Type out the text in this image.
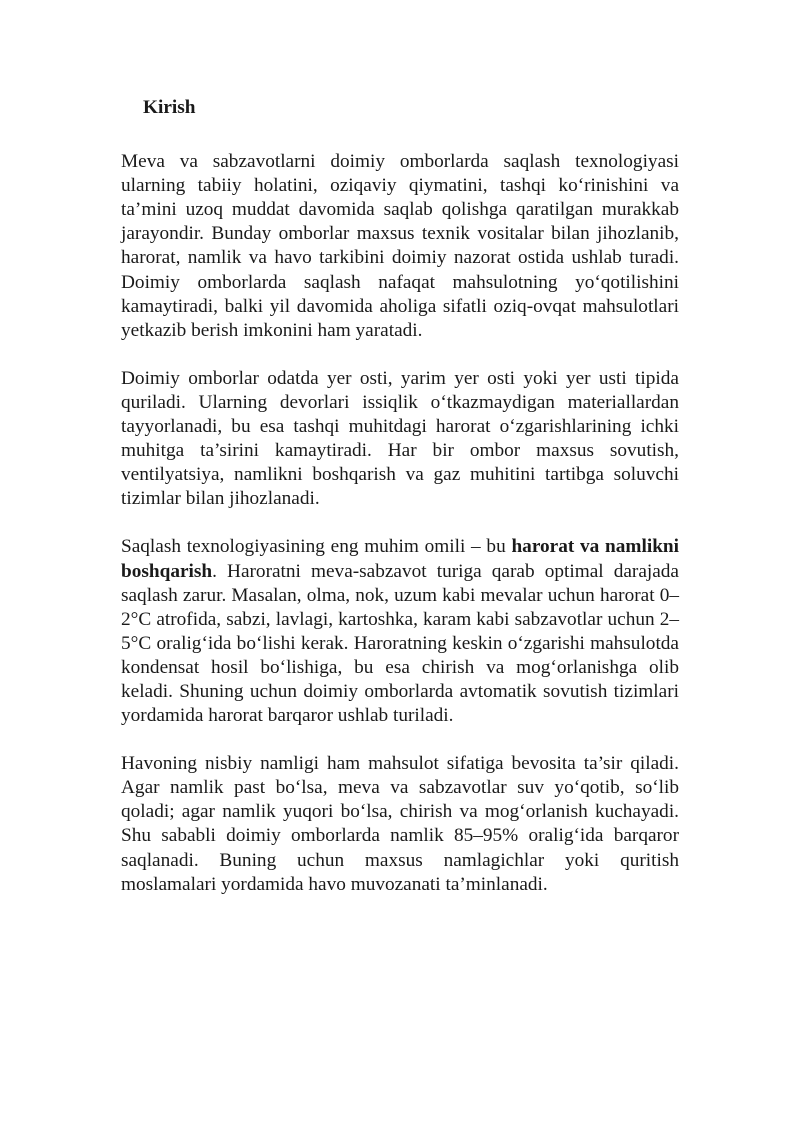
Kirish

Meva va sabzavotlarni doimiy omborlarda saqlash texnologiyasi ularning tabiiy holatini, oziqaviy qiymatini, tashqi ko‘rinishini va ta’mini uzoq muddat davomida saqlab qolishga qaratilgan murakkab jarayondir. Bunday omborlar maxsus texnik vositalar bilan jihozlanib, harorat, namlik va havo tarkibini doimiy nazorat ostida ushlab turadi. Doimiy omborlarda saqlash nafaqat mahsulotning yo‘qotilishini kamaytiradi, balki yil davomida aholiga sifatli oziq-ovqat mahsulotlari yetkazib berish imkonini ham yaratadi.

Doimiy omborlar odatda yer osti, yarim yer osti yoki yer usti tipida quriladi. Ularning devorlari issiqlik o‘tkazmaydigan materiallardan tayyorlanadi, bu esa tashqi muhitdagi harorat o‘zgarishlarining ichki muhitga ta’sirini kamaytiradi. Har bir ombor maxsus sovutish, ventilyatsiya, namlikni boshqarish va gaz muhitini tartibga soluvchi tizimlar bilan jihozlanadi.

Saqlash texnologiyasining eng muhim omili – bu harorat va namlikni boshqarish. Haroratni meva-sabzavot turiga qarab optimal darajada saqlash zarur. Masalan, olma, nok, uzum kabi mevalar uchun harorat 0–2°C atrofida, sabzi, lavlagi, kartoshka, karam kabi sabzavotlar uchun 2–5°C oralig‘ida bo‘lishi kerak. Haroratning keskin o‘zgarishi mahsulotda kondensat hosil bo‘lishiga, bu esa chirish va mog‘orlanishga olib keladi. Shuning uchun doimiy omborlarda avtomatik sovutish tizimlari yordamida harorat barqaror ushlab turiladi.

Havoning nisbiy namligi ham mahsulot sifatiga bevosita ta’sir qiladi. Agar namlik past bo‘lsa, meva va sabzavotlar suv yo‘qotib, so‘lib qoladi; agar namlik yuqori bo‘lsa, chirish va mog‘orlanish kuchayadi. Shu sababli doimiy omborlarda namlik 85–95% oralig‘ida barqaror saqlanadi. Buning uchun maxsus namlagichlar yoki quritish moslamalari yordamida havo muvozanati ta’minlanadi.
